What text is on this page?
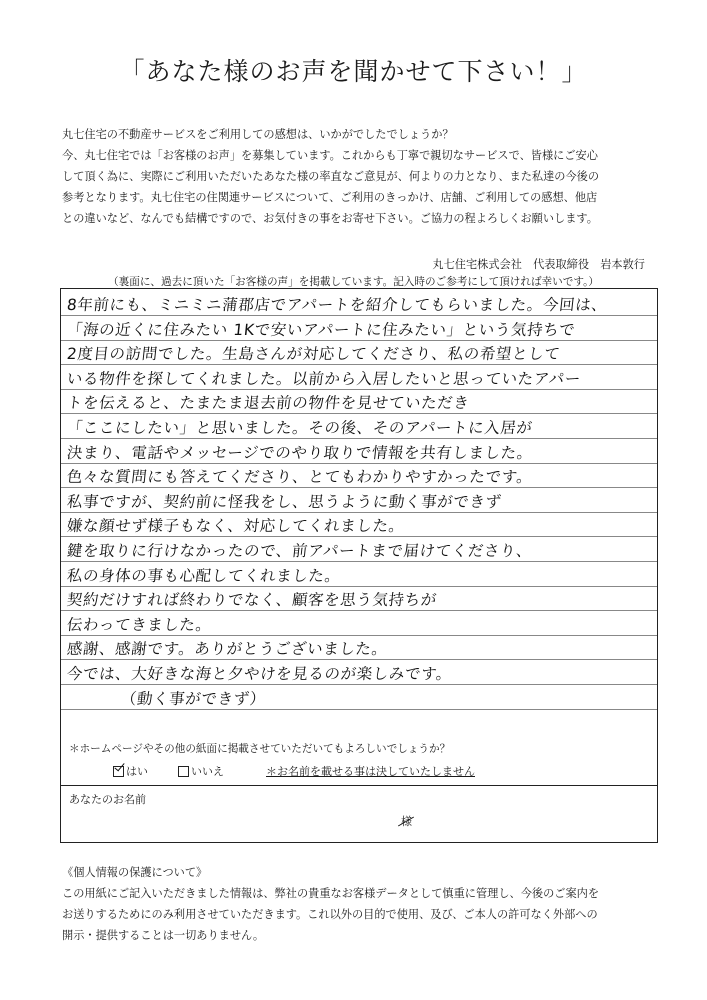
「あなた様のお声を聞かせて下さい！」

丸七住宅の不動産サービスをご利用しての感想は、いかがでしたでしょうか？

今、丸七住宅では「お客様のお声」を募集しています。これからも丁寧で親切なサービスで、皆様にご安心

して頂く為に、実際にご利用いただいたあなた様の率直なご意見が、何よりの力となり、また私達の今後の

参考となります。丸七住宅の住関連サービスについて、ご利用のきっかけ、店舗、ご利用しての感想、他店

との違いなど、なんでも結構ですので、お気付きの事をお寄せ下さい。ご協力の程よろしくお願いします。

丸七住宅株式会社　代表取締役　岩本敦行
（裏面に、過去に頂いた「お客様の声」を掲載しています。記入時のご参考にして頂ければ幸いです。）
8年前にも、ミニミニ蒲郡店でアパートを紹介してもらいました。今回は、
「海の近くに住みたい 1Kで安いアパートに住みたい」という気持ちで
2度目の訪問でした。生島さんが対応してくださり、私の希望として
いる物件を探してくれました。以前から入居したいと思っていたアパー
トを伝えると、たまたま退去前の物件を見せていただき
「ここにしたい」と思いました。その後、そのアパートに入居が
決まり、電話やメッセージでのやり取りで情報を共有しました。
色々な質問にも答えてくださり、とてもわかりやすかったです。
私事ですが、契約前に怪我をし、思うように動く事ができず
嫌な顔せず様子もなく、対応してくれました。
鍵を取りに行けなかったので、前アパートまで届けてくださり、
私の身体の事も心配してくれました。
契約だけすれば終わりでなく、顧客を思う気持ちが
伝わってきました。
感謝、感謝です。ありがとうございました。
今では、大好きな海と夕やけを見るのが楽しみです。
（動く事ができず）
＊ホームページやその他の紙面に掲載させていただいてもよろしいでしょうか？
はい	いいえ	＊お名前を載せる事は決していたしません
あなたのお名前
様

《個人情報の保護について》

この用紙にご記入いただきました情報は、弊社の貴重なお客様データとして慎重に管理し、今後のご案内を

お送りするためにのみ利用させていただきます。これ以外の目的で使用、及び、ご本人の許可なく外部への

開示・提供することは一切ありません。
